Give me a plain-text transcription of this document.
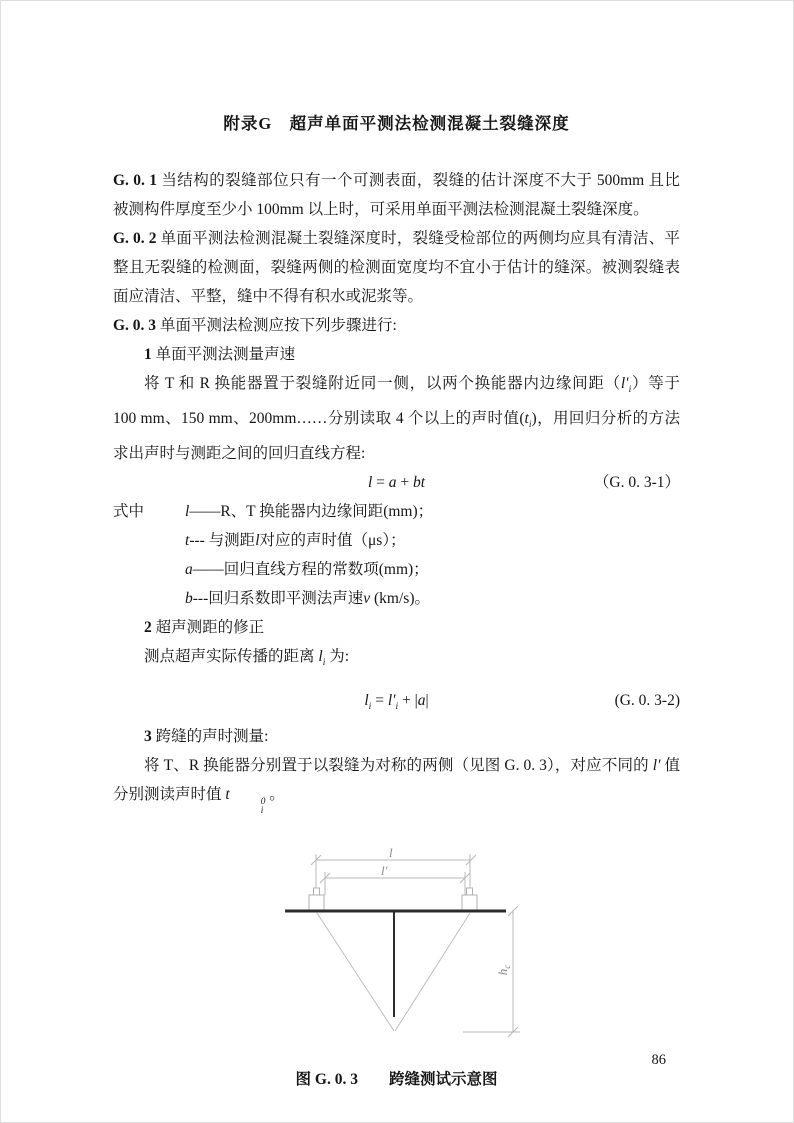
附录G　超声单面平测法检测混凝土裂缝深度

G. 0. 1 当结构的裂缝部位只有一个可测表面，裂缝的估计深度不大于 500mm 且比被测构件厚度至少小 100mm 以上时，可采用单面平测法检测混凝土裂缝深度。

G. 0. 2 单面平测法检测混凝土裂缝深度时，裂缝受检部位的两侧均应具有清洁、平整且无裂缝的检测面，裂缝两侧的检测面宽度均不宜小于估计的缝深。被测裂缝表面应清洁、平整，缝中不得有积水或泥浆等。

G. 0. 3 单面平测法检测应按下列步骤进行:

1 单面平测法测量声速

将 T 和 R 换能器置于裂缝附近同一侧，以两个换能器内边缘间距$(l'_i)$等于 100 mm、150 mm、200mm……分别读取 4 个以上的声时值$(t_i)$，用回归分析的方法求出声时与测距之间的回归直线方程:

l = a + bt	（G. 0. 3-1）
式中	l——R、T 换能器内边缘间距(mm)；

t--- 与测距l对应的声时值（μs）；

a——回归直线方程的常数项(mm)；

b---回归系数即平测法声速v (km/s)。

2 超声测距的修正

测点超声实际传播的距离 $l_i$ 为:

$l_i = l'_i + |a|$	(G. 0. 3-2)

3 跨缝的声时测量:

将 T、R 换能器分别置于以裂缝为对称的两侧（见图 G. 0. 3），对应不同的 l′ 值分别测读声时值 t	0
i
。

l
l′
$h_c$
图 G. 0. 3　　跨缝测试示意图
86
